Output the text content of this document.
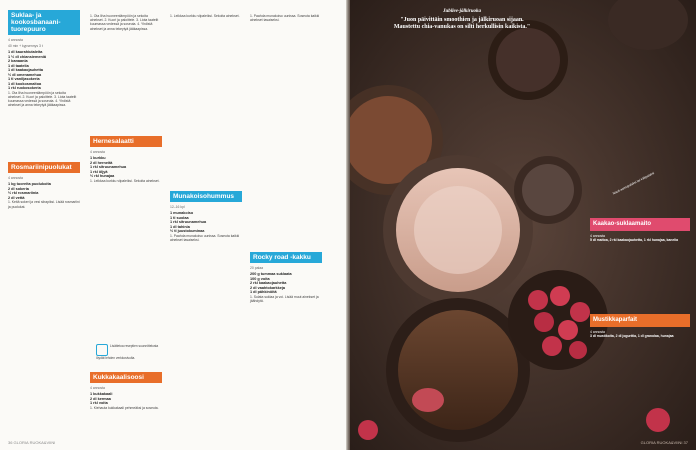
Suklaa- ja kookosbanaani-tuorepuuro

4 annosta

40 min + kypsennys 3 t

1 dl kaurahiutaleita

1 ½ dl chiansiemeniä

2 banaania

1 dl taatelia

1 dl kaakaojauhetta

½ dl omenamehua

1 tl vaniljasokeria

1 dl kookosmaitoa

1 rkl ruokosokeria

1. Ota liha huoneenlämpöön ja sekoita ainekset. 2. Kuori ja paloittele. 3. Liota taatelit kuumassa vedessä ja soseuta. 4. Yhdistä ainekset ja anna tekeytyä jääkaapissa.

Rosmariinipuolukat

4 annosta

1 kg tuoreita puolukoita

2 dl sokeria

½ rkl rosmariinia

2 dl vettä

1. Keitä sokeri ja vesi siirapiksi. Lisää rosmariini ja puolukat.

1. Ota liha huoneenlämpöön ja sekoita ainekset. 2. Kuori ja paloittele. 3. Liota taatelit kuumassa vedessä ja soseuta. 4. Yhdistä ainekset ja anna tekeytyä jääkaapissa.

Hernesalaatti

4 annosta

1 kurkku

2 dl herneitä

1 rkl sitruunamehua

1 rkl öljyä

½ rkl hunajaa

1. Leikkaa kurkku viipaleiksi. Sekoita ainekset.

Lisätietoa reseptien suunnittelusta löydät lehden verkkosivulta.
Kukkakaalisoosi

4 annosta

1 kukkakaali

2 dl kermaa

1 rkl voita

1. Kiehauta kukkakaali pehmeäksi ja soseuta.

1. Leikkaa kurkku viipaleiksi. Sekoita ainekset.

Munakoisohummus

12–16 kpl

1 munakoiso

1 tl suolaa

1 rkl sitruunamehua

1 dl tahinia

½ tl juustokuminaa

1. Paahda munakoiso uunissa. Soseuta kaikki ainekset tasaiseksi.

1. Paahda munakoiso uunissa. Soseuta kaikki ainekset tasaiseksi.

Rocky road -kakku

20 palaa

200 g tummaa suklaata

100 g voita

2 rkl kaakaojauhetta

2 dl vaahtokarkkeja

1 dl pähkinöitä

1. Sulata suklaa ja voi. Lisää muut ainekset ja jäähdytä.

36 GLORIA RUOKA&VIINI	GLORIA RUOKA&VIINI 37
Jubilee-jälkiruoka
"Juon päivittäin smoothien ja jälkiruoan sijaan. Maustettu chia-vanukas on silti herkullisin kaikista."
Nauti aamupalaksi tai välipalaksi
Kaakao-suklaamaito
4 annosta
5 dl maitoa, 2 rkl kaakaojauhetta, 1 rkl hunajaa, kanelia
Mustikkaparfait
4 annosta
3 dl mustikoita, 2 dl jogurttia, 1 dl granolaa, hunajaa
